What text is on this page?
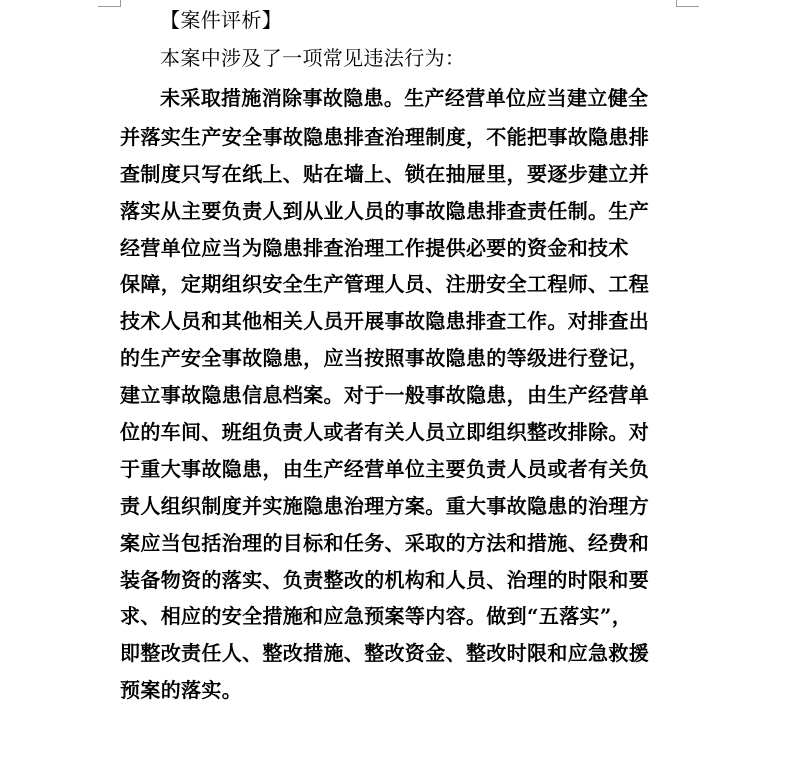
【案件评析】
本案中涉及了一项常见违法行为：
未采取措施消除事故隐患。生产经营单位应当建立健全
并落实生产安全事故隐患排查治理制度，不能把事故隐患排
查制度只写在纸上、贴在墙上、锁在抽屉里，要逐步建立并
落实从主要负责人到从业人员的事故隐患排查责任制。生产
经营单位应当为隐患排查治理工作提供必要的资金和技术
保障，定期组织安全生产管理人员、注册安全工程师、工程
技术人员和其他相关人员开展事故隐患排查工作。对排查出
的生产安全事故隐患，应当按照事故隐患的等级进行登记，
建立事故隐患信息档案。对于一般事故隐患，由生产经营单
位的车间、班组负责人或者有关人员立即组织整改排除。对
于重大事故隐患，由生产经营单位主要负责人员或者有关负
责人组织制度并实施隐患治理方案。重大事故隐患的治理方
案应当包括治理的目标和任务、采取的方法和措施、经费和
装备物资的落实、负责整改的机构和人员、治理的时限和要
求、相应的安全措施和应急预案等内容。做到“五落实”，
即整改责任人、整改措施、整改资金、整改时限和应急救援
预案的落实。
